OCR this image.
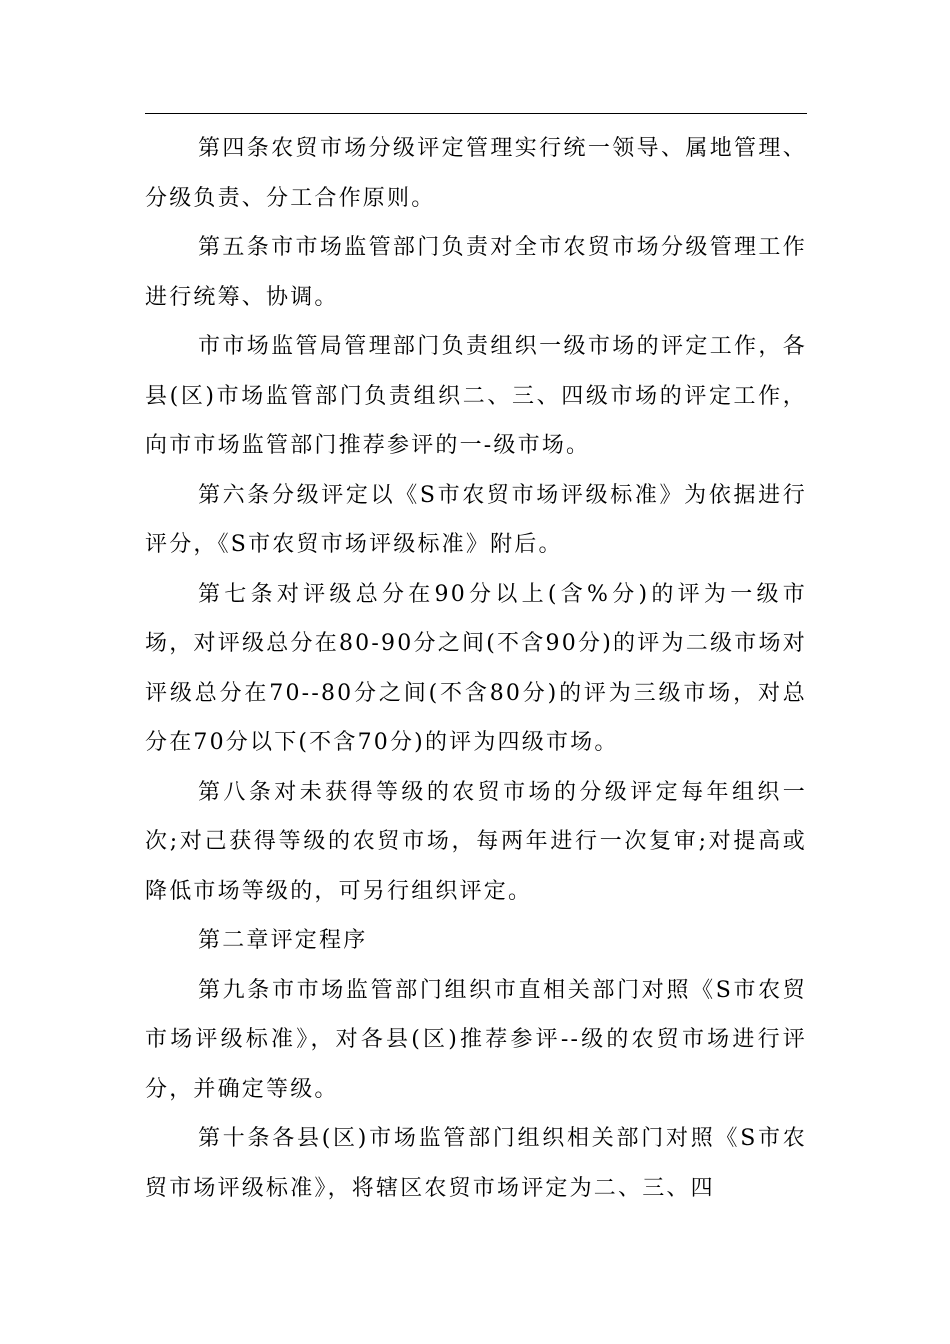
第四条农贸市场分级评定管理实行统一领导、属地管理、分级负责、分工合作原则。

第五条市市场监管部门负责对全市农贸市场分级管理工作进行统筹、协调。

市市场监管局管理部门负责组织一级市场的评定工作，各县(区)市场监管部门负责组织二、三、四级市场的评定工作，向市市场监管部门推荐参评的一-级市场。

第六条分级评定以《S市农贸市场评级标准》为依据进行评分，《S市农贸市场评级标准》附后。

第七条对评级总分在90分以上(含%分)的评为一级市场，对评级总分在80-90分之间(不含90分)的评为二级市场对评级总分在70--80分之间(不含80分)的评为三级市场，对总分在70分以下(不含70分)的评为四级市场。

第八条对未获得等级的农贸市场的分级评定每年组织一次;对己获得等级的农贸市场，每两年进行一次复审;对提高或降低市场等级的，可另行组织评定。

第二章评定程序

第九条市市场监管部门组织市直相关部门对照《S市农贸市场评级标准》，对各县(区)推荐参评--级的农贸市场进行评分，并确定等级。

第十条各县(区)市场监管部门组织相关部门对照《S市农贸市场评级标准》，将辖区农贸市场评定为二、三、四
